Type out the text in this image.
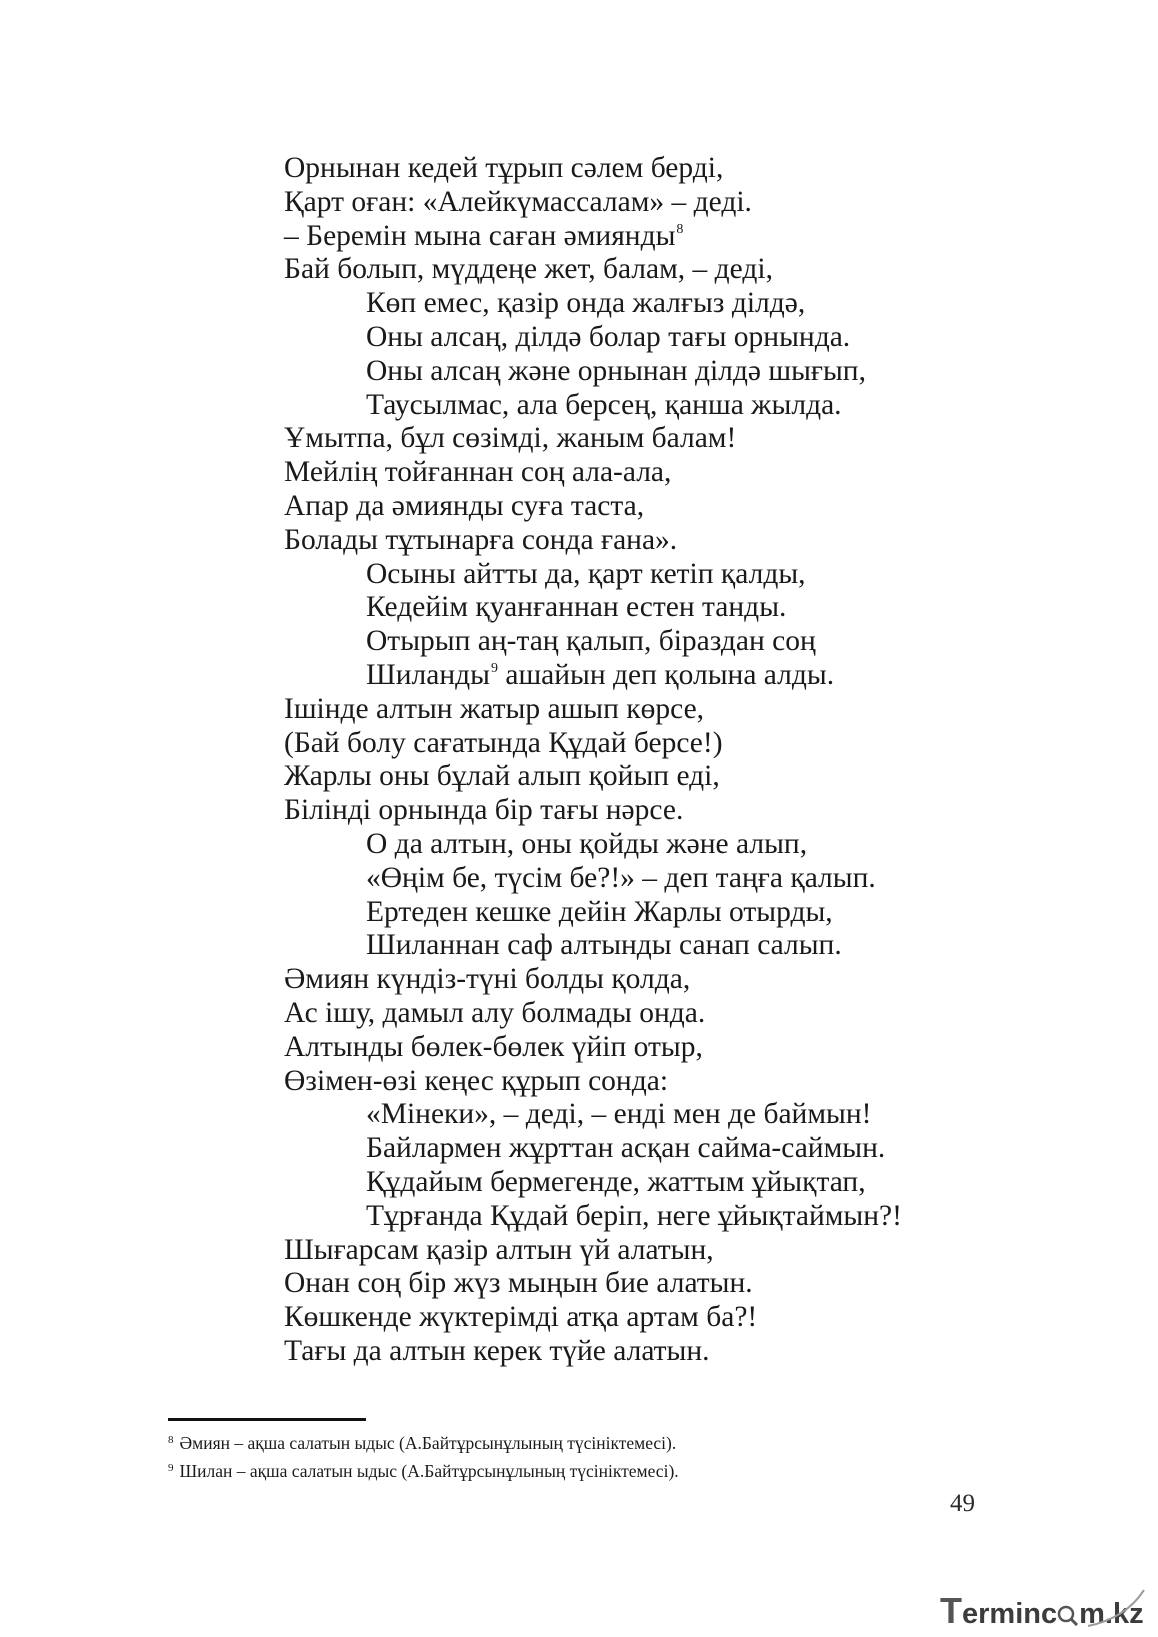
Орнынан кедей тұрып сәлем берді,
Қарт оған: «Алейкүмассалам» – деді.
– Беремін мына саған әмиянды$^8$
Бай болып, мүддеңе жет, балам, – деді,
Көп емес, қазір онда жалғыз ділдә,
Оны алсаң, ділдә болар тағы орнында.
Оны алсаң және орнынан ділдә шығып,
Таусылмас, ала берсең, қанша жылда.
Ұмытпа, бұл сөзімді, жаным балам!
Мейлің тойғаннан соң ала-ала,
Апар да әмиянды суға таста,
Болады тұтынарға сонда ғана».
Осыны айтты да, қарт кетіп қалды,
Кедейім қуанғаннан естен танды.
Отырып аң-таң қалып, біраздан соң
Шиланды$^9$ ашайын деп қолына алды.
Ішінде алтын жатыр ашып көрсе,
(Бай болу сағатында Құдай берсе!)
Жарлы оны бұлай алып қойып еді,
Білінді орнында бір тағы нәрсе.
О да алтын, оны қойды және алып,
«Өңім бе, түсім бе?!» – деп таңға қалып.
Ертеден кешке дейін Жарлы отырды,
Шиланнан саф алтынды санап салып.
Әмиян күндіз-түні болды қолда,
Ас ішу, дамыл алу болмады онда.
Алтынды бөлек-бөлек үйіп отыр,
Өзімен-өзі кеңес құрып сонда:
«Мінеки», – деді, – енді мен де баймын!
Байлармен жұрттан асқан сайма-саймын.
Құдайым бермегенде, жаттым ұйықтап,
Тұрғанда Құдай беріп, неге ұйықтаймын?!
Шығарсам қазір алтын үй алатын,
Онан соң бір жүз мыңын бие алатын.
Көшкенде жүктерімді атқа артам ба?!
Тағы да алтын керек түйе алатын.
$^8$ Әмиян – ақша салатын ыдыс (А.Байтұрсынұлының түсініктемесі).
$^9$ Шилан – ақша салатын ыдыс (А.Байтұрсынұлының түсініктемесі).
49
Terminc m.kz
